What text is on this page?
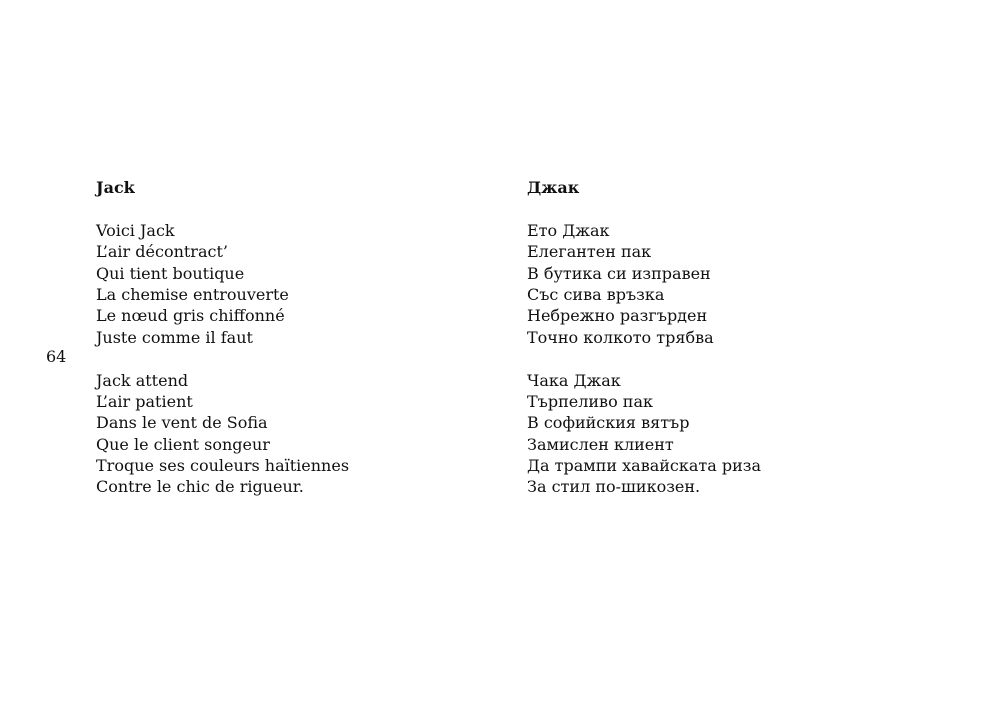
64
Jack
Voici Jack
L’air décontract’
Qui tient boutique
La chemise entrouverte
Le nœud gris chiffonné
Juste comme il faut
Jack attend
L’air patient
Dans le vent de Sofia
Que le client songeur
Troque ses couleurs haïtiennes
Contre le chic de rigueur.
Джак
Ето Джак
Елегантен пак
В бутика си изправен
Със сива връзка
Небрежно разгърден
Точно колкото трябва
Чака Джак
Търпеливо пак
В софийския вятър
Замислен клиент
Да трампи хавайската риза
За стил по-шикозен.
